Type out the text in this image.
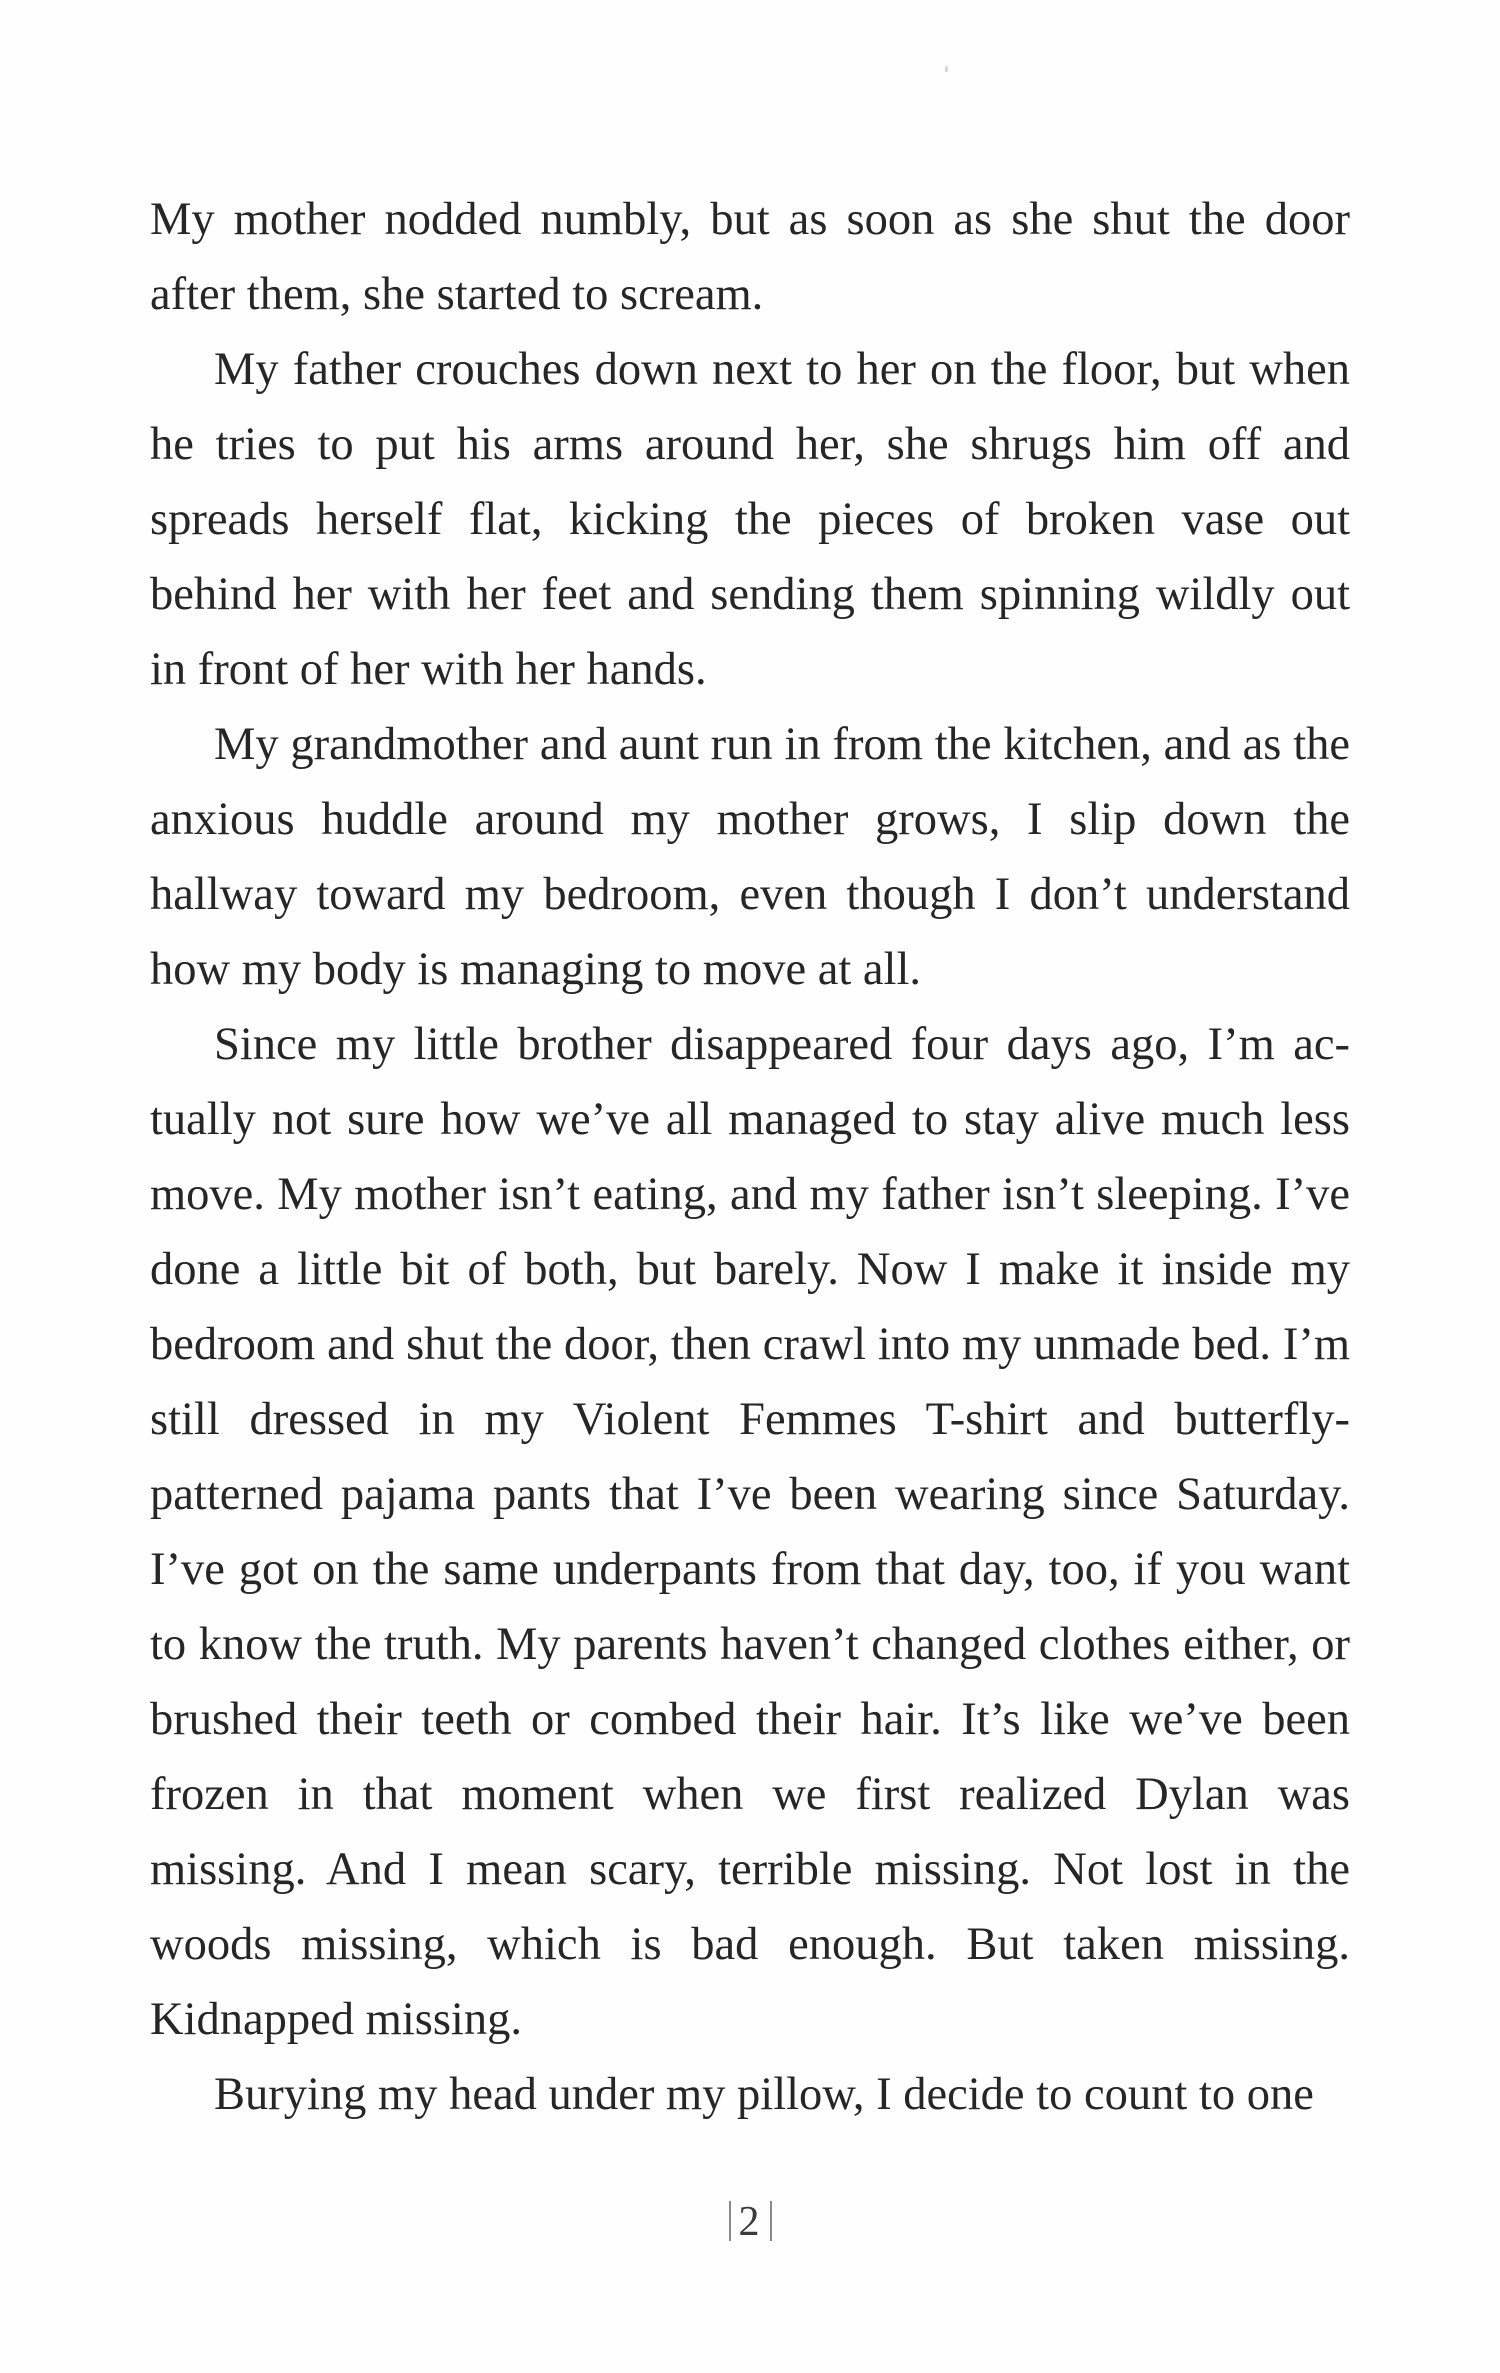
My mother nodded numbly, but as soon as she shut the door after them, she started to scream.

My father crouches down next to her on the floor, but when he tries to put his arms around her, she shrugs him off and spreads herself flat, kicking the pieces of broken vase out behind her with her feet and sending them spinning wildly out in front of her with her hands.

My grandmother and aunt run in from the kitchen, and as the anxious huddle around my mother grows, I slip down the hallway toward my bedroom, even though I don’t understand how my body is managing to move at all.

Since my little brother disappeared four days ago, I’m actually not sure how we’ve all managed to stay alive much less move. My mother isn’t eating, and my father isn’t sleeping. I’ve done a little bit of both, but barely. Now I make it inside my bedroom and shut the door, then crawl into my unmade bed. I’m still dressed in my Violent Femmes T-shirt and butterfly-patterned pajama pants that I’ve been wearing since Saturday. I’ve got on the same underpants from that day, too, if you want to know the truth. My parents haven’t changed clothes either, or brushed their teeth or combed their hair. It’s like we’ve been frozen in that moment when we first realized Dylan was missing. And I mean scary, terrible missing. Not lost in the woods missing, which is bad enough. But taken missing. Kidnapped missing.

Burying my head under my pillow, I decide to count to one

2
